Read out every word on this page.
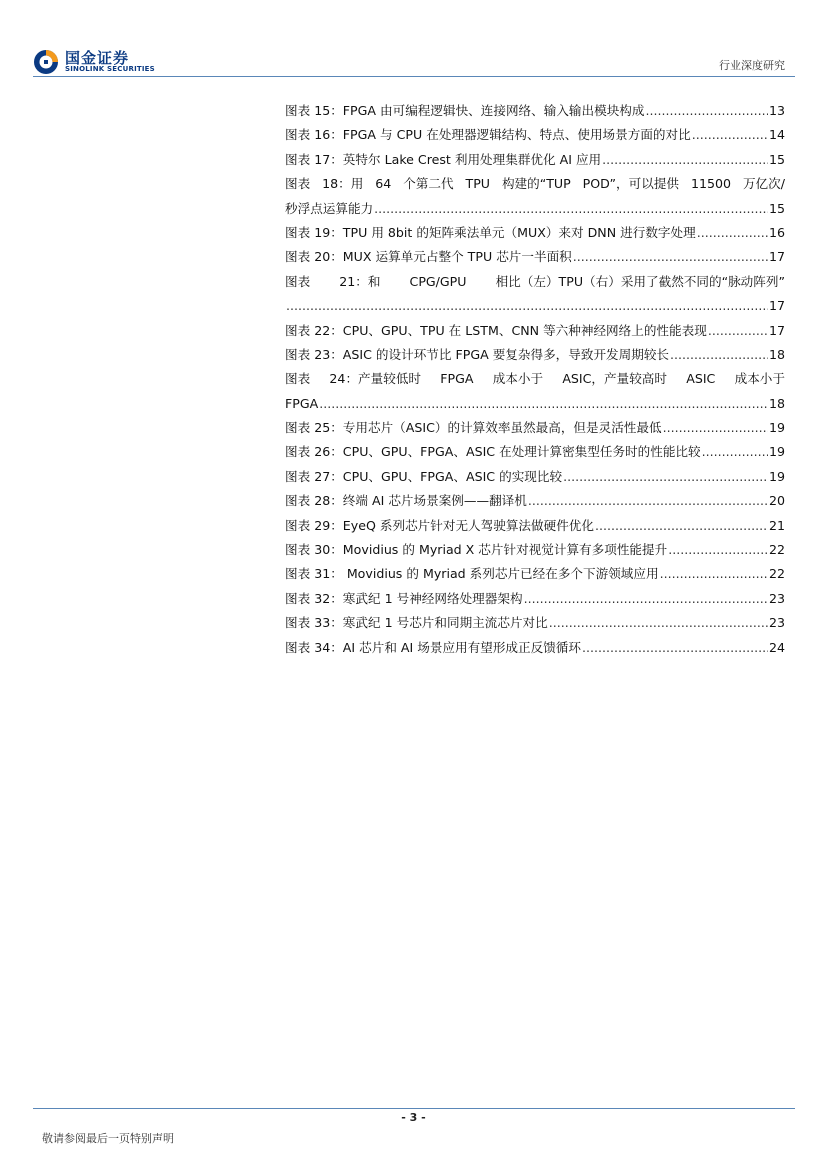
国金证券
SINOLINK SECURITIES	行业深度研究
图表 15：FPGA 由可编程逻辑快、连接网络、输入输出模块构成 .....	13
图表 16：FPGA 与 CPU 在处理器逻辑结构、特点、使用场景方面的对比 .....	14
图表 17：英特尔 Lake Crest 利用处理集群优化 AI 应用 .....	15
图表 18：用 64 个第二代 TPU 构建的“TUP POD”，可以提供 11500 万亿次/
秒浮点运算能力 .....	15
图表 19：TPU 用 8bit 的矩阵乘法单元（MUX）来对 DNN 进行数字处理 .....	16
图表 20：MUX 运算单元占整个 TPU 芯片一半面积 .....	17
图表 21：和 CPG/GPU 相比（左）TPU（右）采用了截然不同的“脉动阵列”
.....
17
图表 22：CPU、GPU、TPU 在 LSTM、CNN 等六种神经网络上的性能表现 .....	17
图表 23：ASIC 的设计环节比 FPGA 要复杂得多，导致开发周期较长 .....	18
图表 24：产量较低时 FPGA 成本小于 ASIC，产量较高时 ASIC 成本小于
FPGA .....	18
图表 25：专用芯片（ASIC）的计算效率虽然最高，但是灵活性最低 .....	19
图表 26：CPU、GPU、FPGA、ASIC 在处理计算密集型任务时的性能比较 .....	19
图表 27：CPU、GPU、FPGA、ASIC 的实现比较 .....	19
图表 28：终端 AI 芯片场景案例——翻译机 .....	20
图表 29：EyeQ 系列芯片针对无人驾驶算法做硬件优化 .....	21
图表 30：Movidius 的 Myriad X 芯片针对视觉计算有多项性能提升 .....	22
图表 31： Movidius 的 Myriad 系列芯片已经在多个下游领域应用 .....	22
图表 32：寒武纪 1 号神经网络处理器架构 .....	23
图表 33：寒武纪 1 号芯片和同期主流芯片对比 .....	23
图表 34：AI 芯片和 AI 场景应用有望形成正反馈循环 .....	24
- 3 -
敬请参阅最后一页特别声明
